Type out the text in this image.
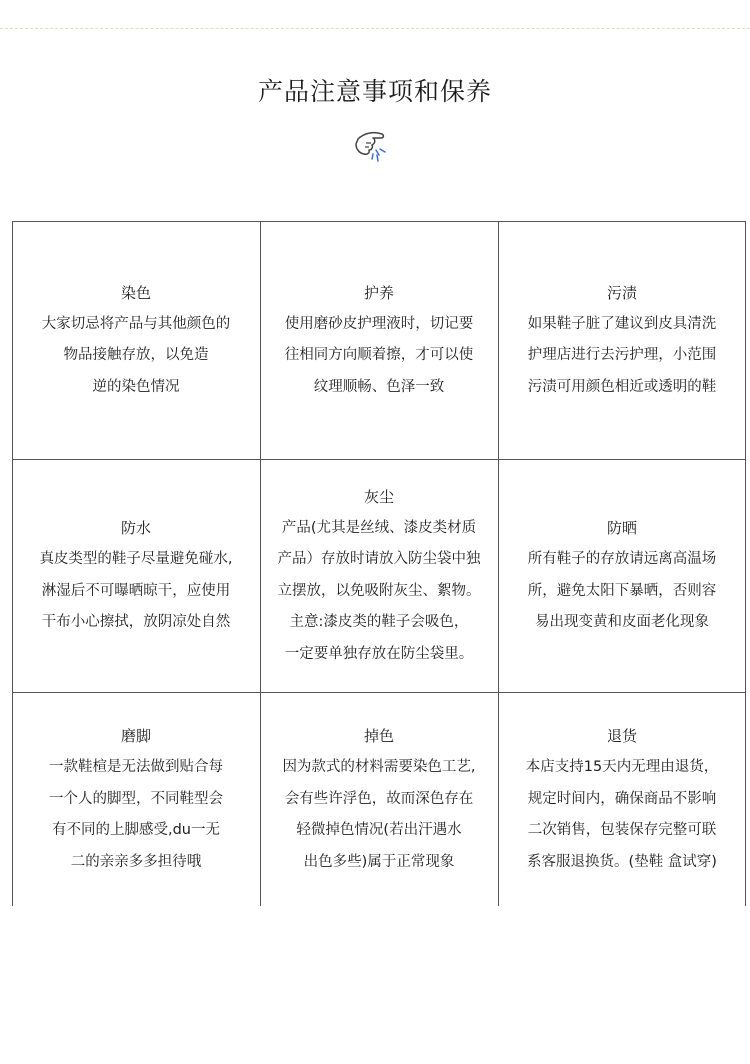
产品注意事项和保养
染色
大家切忌将产品与其他颜色的
物品接触存放，以免造
逆的染色情况
护养
使用磨砂皮护理液时，切记要
往相同方向顺着擦，才可以使
纹理顺畅、色泽一致
污渍
如果鞋子脏了建议到皮具清洗
护理店进行去污护理，小范围
污渍可用颜色相近或透明的鞋
防水
真皮类型的鞋子尽量避免碰水,
淋湿后不可曝晒晾干，应使用
干布小心擦拭，放阴凉处自然
灰尘
产品(尤其是丝绒、漆皮类材质
产品）存放时请放入防尘袋中独
立摆放，以免吸附灰尘、絮物。
主意:漆皮类的鞋子会吸色，
一定要单独存放在防尘袋里。
防晒
所有鞋子的存放请远离高温场
所，避免太阳下暴晒，否则容
易出现变黄和皮面老化现象
磨脚
一款鞋楦是无法做到贴合每
一个人的脚型，不同鞋型会
有不同的上脚感受,du一无
二的亲亲多多担待哦
掉色
因为款式的材料需要染色工艺,
会有些许浮色，故而深色存在
轻微掉色情况(若出汗遇水
出色多些)属于正常现象
退货
本店支持15天内无理由退货，
规定时间内，确保商品不影响
二次销售，包装保存完整可联
系客服退换货。(垫鞋 盒试穿)
